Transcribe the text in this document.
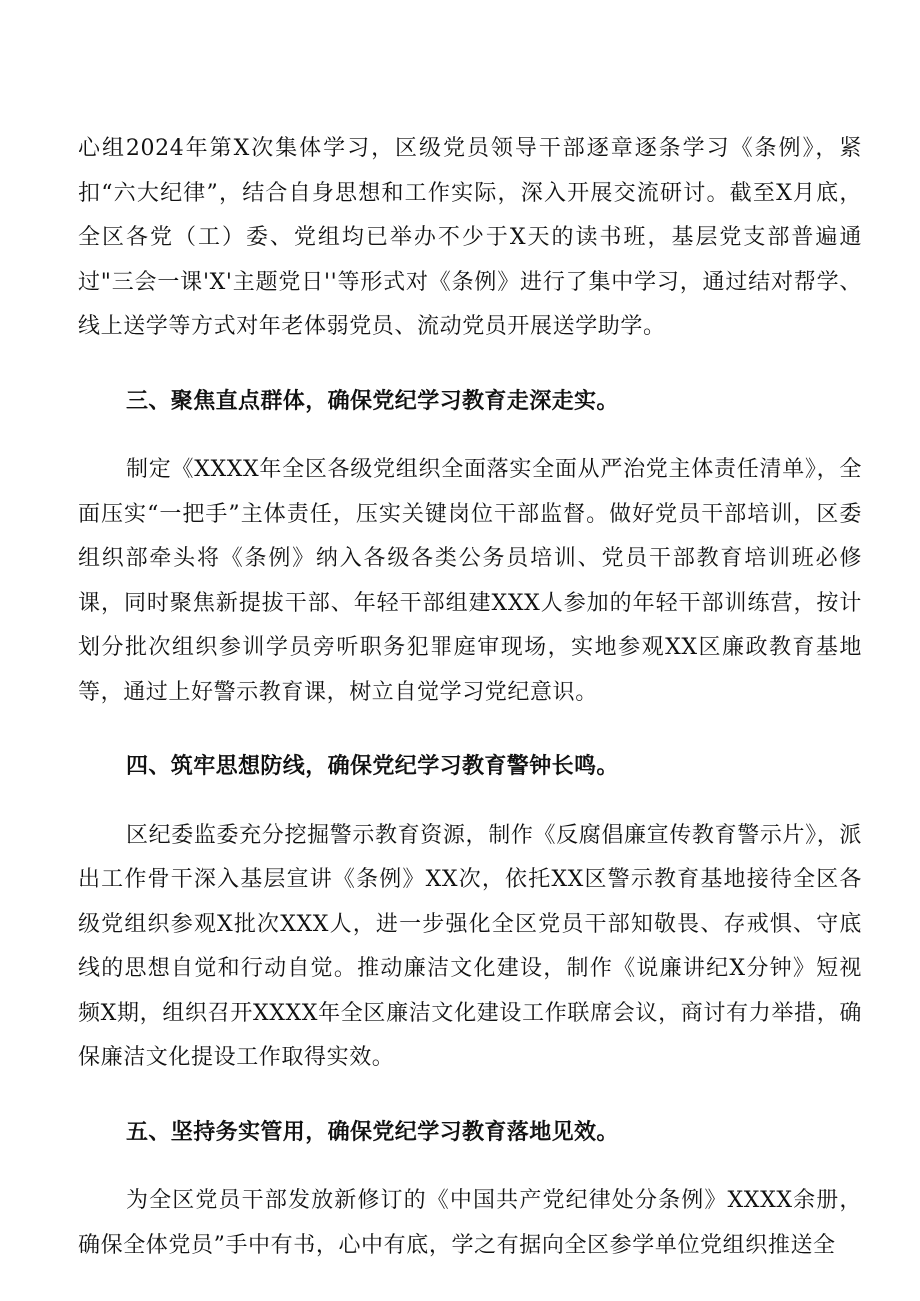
心组2024年第X次集体学习，区级党员领导干部逐章逐条学习《条例》，紧扣“六大纪律”，结合自身思想和工作实际，深入开展交流研讨。截至X月底，全区各党（工）委、党组均已举办不少于X天的读书班，基层党支部普遍通过"三会一课'X'主题党日''等形式对《条例》进行了集中学习，通过结对帮学、线上送学等方式对年老体弱党员、流动党员开展送学助学。

三、聚焦直点群体，确保党纪学习教育走深走实。

制定《XXXX年全区各级党组织全面落实全面从严治党主体责任清单》，全面压实“一把手”主体责任，压实关键岗位干部监督。做好党员干部培训，区委组织部牵头将《条例》纳入各级各类公务员培训、党员干部教育培训班必修课，同时聚焦新提拔干部、年轻干部组建XXX人参加的年轻干部训练营，按计划分批次组织参训学员旁听职务犯罪庭审现场，实地参观XX区廉政教育基地等，通过上好警示教育课，树立自觉学习党纪意识。

四、筑牢思想防线，确保党纪学习教育警钟长鸣。

区纪委监委充分挖掘警示教育资源，制作《反腐倡廉宣传教育警示片》，派出工作骨干深入基层宣讲《条例》XX次，依托XX区警示教育基地接待全区各级党组织参观X批次XXX人，进一步强化全区党员干部知敬畏、存戒惧、守底线的思想自觉和行动自觉。推动廉洁文化建设，制作《说廉讲纪X分钟》短视频X期，组织召开XXXX年全区廉洁文化建设工作联席会议，商讨有力举措，确保廉洁文化提设工作取得实效。

五、坚持务实管用，确保党纪学习教育落地见效。

为全区党员干部发放新修订的《中国共产党纪律处分条例》XXXX余册，确保全体党员”手中有书，心中有底，学之有据向全区参学单位党组织推送全
